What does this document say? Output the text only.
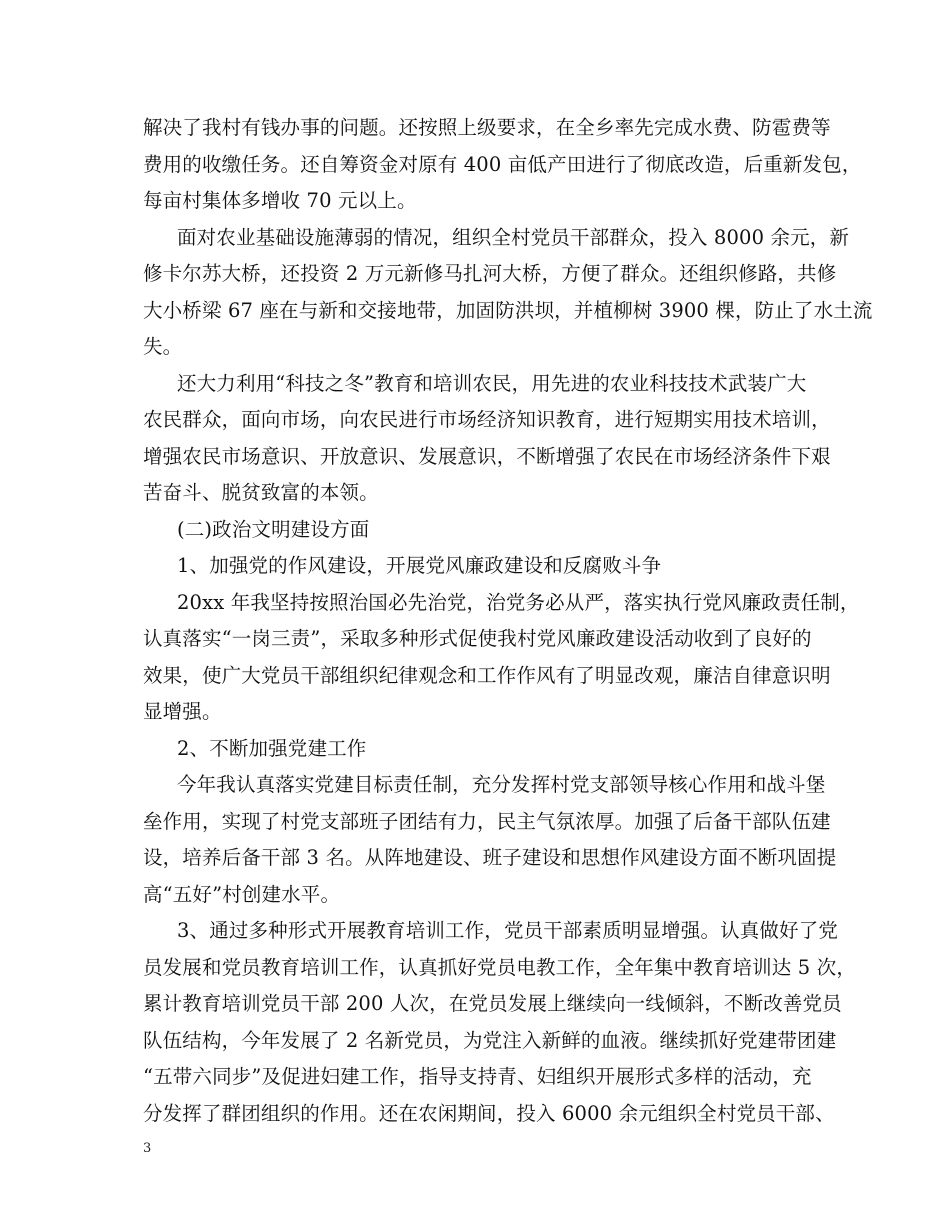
解决了我村有钱办事的问题。还按照上级要求，在全乡率先完成水费、防雹费等
费用的收缴任务。还自筹资金对原有 400 亩低产田进行了彻底改造，后重新发包，
每亩村集体多增收 70 元以上。
面对农业基础设施薄弱的情况，组织全村党员干部群众，投入 8000 余元，新
修卡尔苏大桥，还投资 2 万元新修马扎河大桥，方便了群众。还组织修路，共修
大小桥梁 67 座在与新和交接地带，加固防洪坝，并植柳树 3900 棵，防止了水土流
失。
还大力利用“科技之冬”教育和培训农民，用先进的农业科技技术武装广大
农民群众，面向市场，向农民进行市场经济知识教育，进行短期实用技术培训，
增强农民市场意识、开放意识、发展意识，不断增强了农民在市场经济条件下艰
苦奋斗、脱贫致富的本领。
(二)政治文明建设方面
1、加强党的作风建设，开展党风廉政建设和反腐败斗争
20xx 年我坚持按照治国必先治党，治党务必从严，落实执行党风廉政责任制，
认真落实“一岗三责”，采取多种形式促使我村党风廉政建设活动收到了良好的
效果，使广大党员干部组织纪律观念和工作作风有了明显改观，廉洁自律意识明
显增强。
2、不断加强党建工作
今年我认真落实党建目标责任制，充分发挥村党支部领导核心作用和战斗堡
垒作用，实现了村党支部班子团结有力，民主气氛浓厚。加强了后备干部队伍建
设，培养后备干部 3 名。从阵地建设、班子建设和思想作风建设方面不断巩固提
高“五好”村创建水平。
3、通过多种形式开展教育培训工作，党员干部素质明显增强。认真做好了党
员发展和党员教育培训工作，认真抓好党员电教工作，全年集中教育培训达 5 次，
累计教育培训党员干部 200 人次，在党员发展上继续向一线倾斜，不断改善党员
队伍结构，今年发展了 2 名新党员，为党注入新鲜的血液。继续抓好党建带团建
“五带六同步”及促进妇建工作，指导支持青、妇组织开展形式多样的活动，充
分发挥了群团组织的作用。还在农闲期间，投入 6000 余元组织全村党员干部、
3
